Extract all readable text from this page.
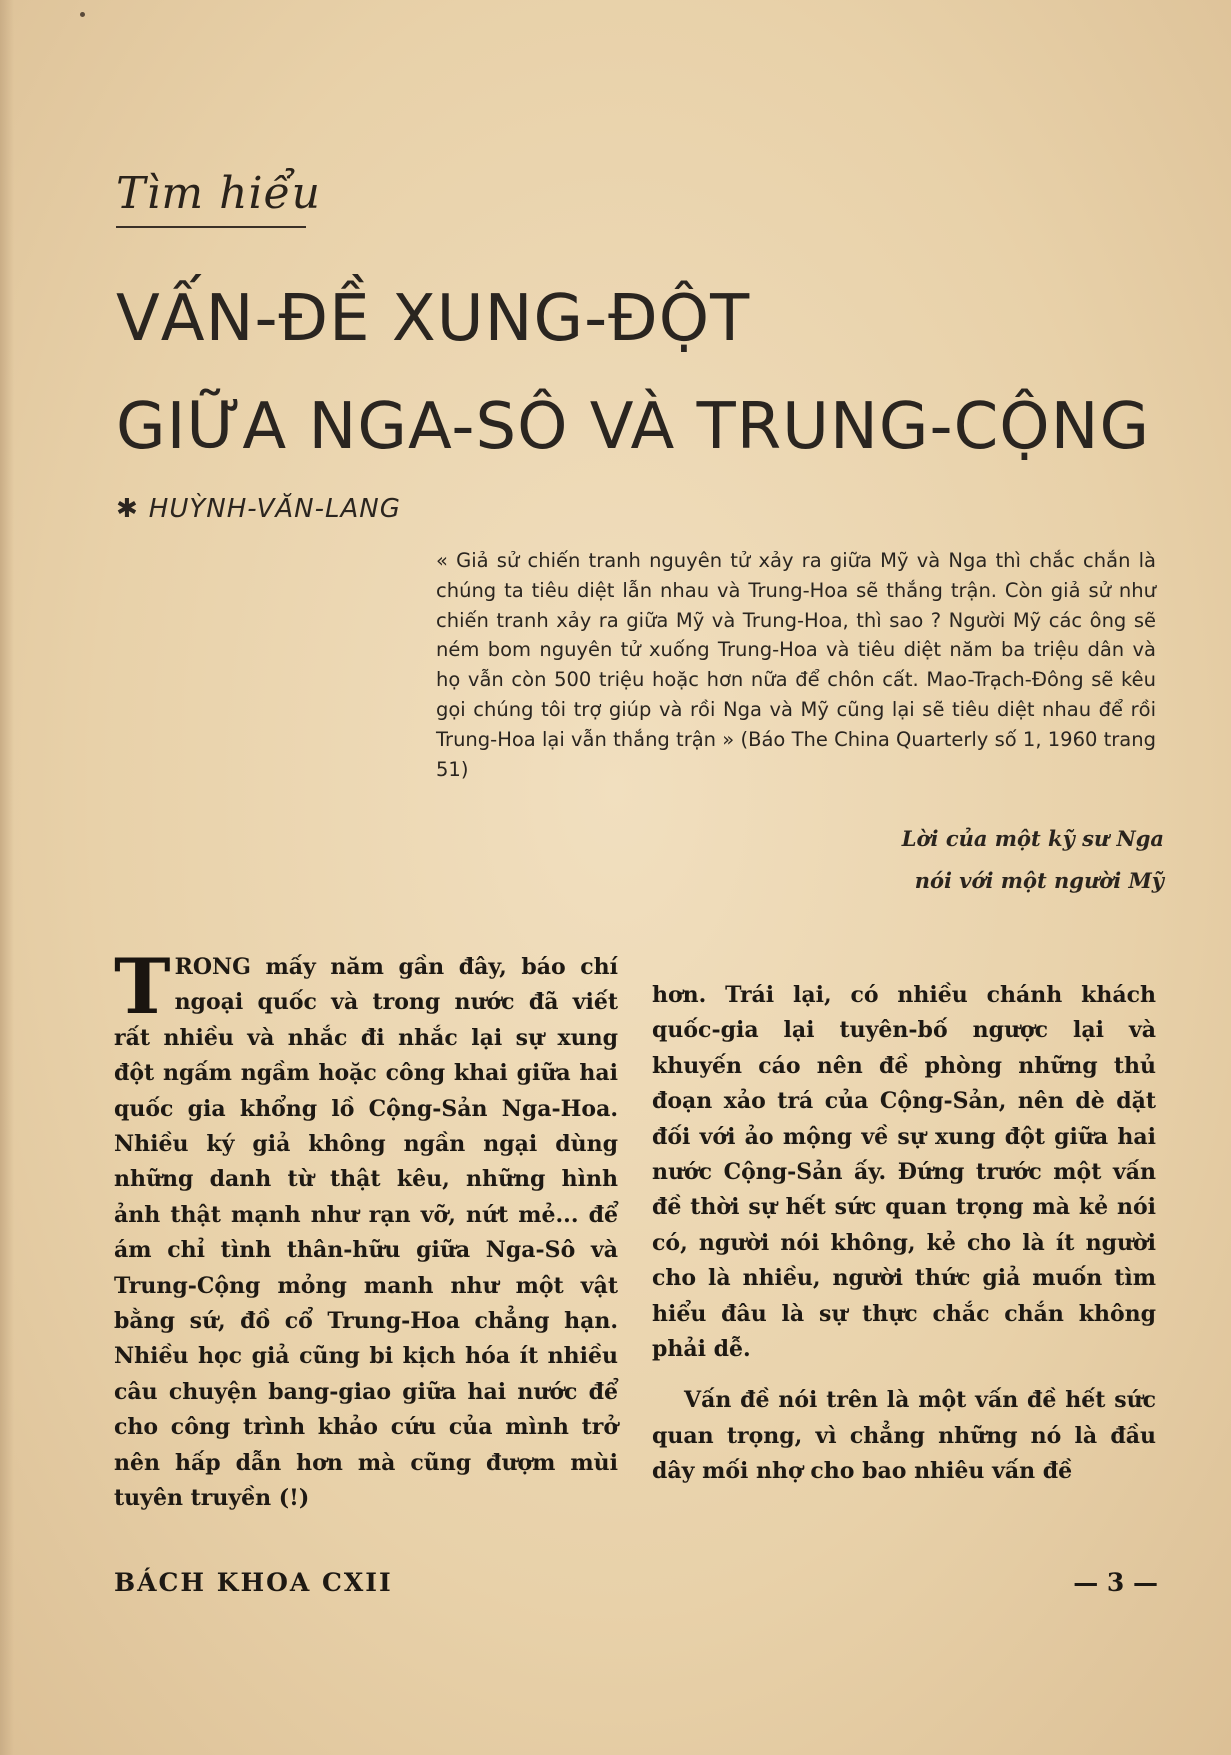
Tìm hiểu
VẤN-ĐỀ XUNG-ĐỘT
GIỮA NGA-SÔ VÀ TRUNG-CỘNG
✱ HUỲNH-VĂN-LANG
« Giả sử chiến tranh nguyên tử xảy ra giữa Mỹ và Nga thì chắc chắn là chúng ta tiêu diệt lẫn nhau và Trung-Hoa sẽ thắng trận. Còn giả sử như chiến tranh xảy ra giữa Mỹ và Trung-Hoa, thì sao ? Người Mỹ các ông sẽ ném bom nguyên tử xuống Trung-Hoa và tiêu diệt năm ba triệu dân và họ vẫn còn 500 triệu hoặc hơn nữa để chôn cất. Mao-Trạch-Đông sẽ kêu gọi chúng tôi trợ giúp và rồi Nga và Mỹ cũng lại sẽ tiêu diệt nhau để rồi Trung-Hoa lại vẫn thắng trận » (Báo The China Quarterly số 1, 1960 trang 51)
Lời của một kỹ sư Nga
nói với một người Mỹ

TRONG mấy năm gần đây, báo chí ngoại quốc và trong nước đã viết rất nhiều và nhắc đi nhắc lại sự xung đột ngấm ngầm hoặc công khai giữa hai quốc gia khổng lồ Cộng-Sản Nga-Hoa. Nhiều ký giả không ngần ngại dùng những danh từ thật kêu, những hình ảnh thật mạnh như rạn vỡ, nứt mẻ... để ám chỉ tình thân-hữu giữa Nga-Sô và Trung-Cộng mỏng manh như một vật bằng sứ, đồ cổ Trung-Hoa chẳng hạn. Nhiều học giả cũng bi kịch hóa ít nhiều câu chuyện bang-giao giữa hai nước để cho công trình khảo cứu của mình trở nên hấp dẫn hơn mà cũng đượm mùi tuyên truyền (!)

hơn. Trái lại, có nhiều chánh khách quốc-gia lại tuyên-bố ngược lại và khuyến cáo nên đề phòng những thủ đoạn xảo trá của Cộng-Sản, nên dè dặt đối với ảo mộng về sự xung đột giữa hai nước Cộng-Sản ấy. Đứng trước một vấn đề thời sự hết sức quan trọng mà kẻ nói có, người nói không, kẻ cho là ít người cho là nhiều, người thức giả muốn tìm hiểu đâu là sự thực chắc chắn không phải dễ.

Vấn đề nói trên là một vấn đề hết sức quan trọng, vì chẳng những nó là đầu dây mối nhợ cho bao nhiêu vấn đề

BÁCH KHOA CXII	— 3 —
